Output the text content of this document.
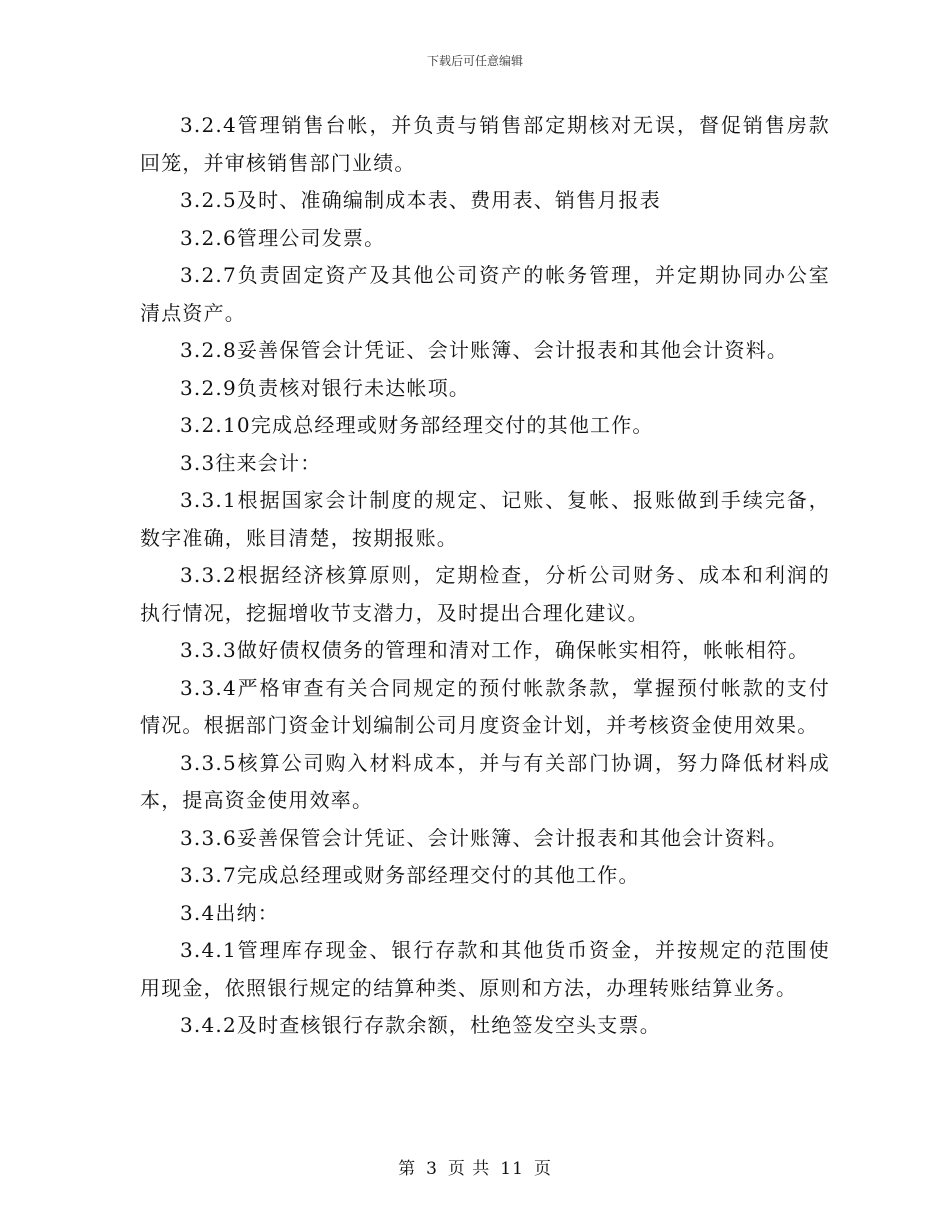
下载后可任意编辑

3.2.4管理销售台帐，并负责与销售部定期核对无误，督促销售房款回笼，并审核销售部门业绩。

3.2.5及时、准确编制成本表、费用表、销售月报表

3.2.6管理公司发票。

3.2.7负责固定资产及其他公司资产的帐务管理，并定期协同办公室清点资产。

3.2.8妥善保管会计凭证、会计账簿、会计报表和其他会计资料。

3.2.9负责核对银行未达帐项。

3.2.10完成总经理或财务部经理交付的其他工作。

3.3往来会计：

3.3.1根据国家会计制度的规定、记账、复帐、报账做到手续完备，数字准确，账目清楚，按期报账。

3.3.2根据经济核算原则，定期检查，分析公司财务、成本和利润的执行情况，挖掘增收节支潜力，及时提出合理化建议。

3.3.3做好债权债务的管理和清对工作，确保帐实相符，帐帐相符。

3.3.4严格审查有关合同规定的预付帐款条款，掌握预付帐款的支付情况。根据部门资金计划编制公司月度资金计划，并考核资金使用效果。

3.3.5核算公司购入材料成本，并与有关部门协调，努力降低材料成本，提高资金使用效率。

3.3.6妥善保管会计凭证、会计账簿、会计报表和其他会计资料。

3.3.7完成总经理或财务部经理交付的其他工作。

3.4出纳：

3.4.1管理库存现金、银行存款和其他货币资金，并按规定的范围使用现金，依照银行规定的结算种类、原则和方法，办理转账结算业务。

3.4.2及时查核银行存款余额，杜绝签发空头支票。

第 3 页 共 11 页
